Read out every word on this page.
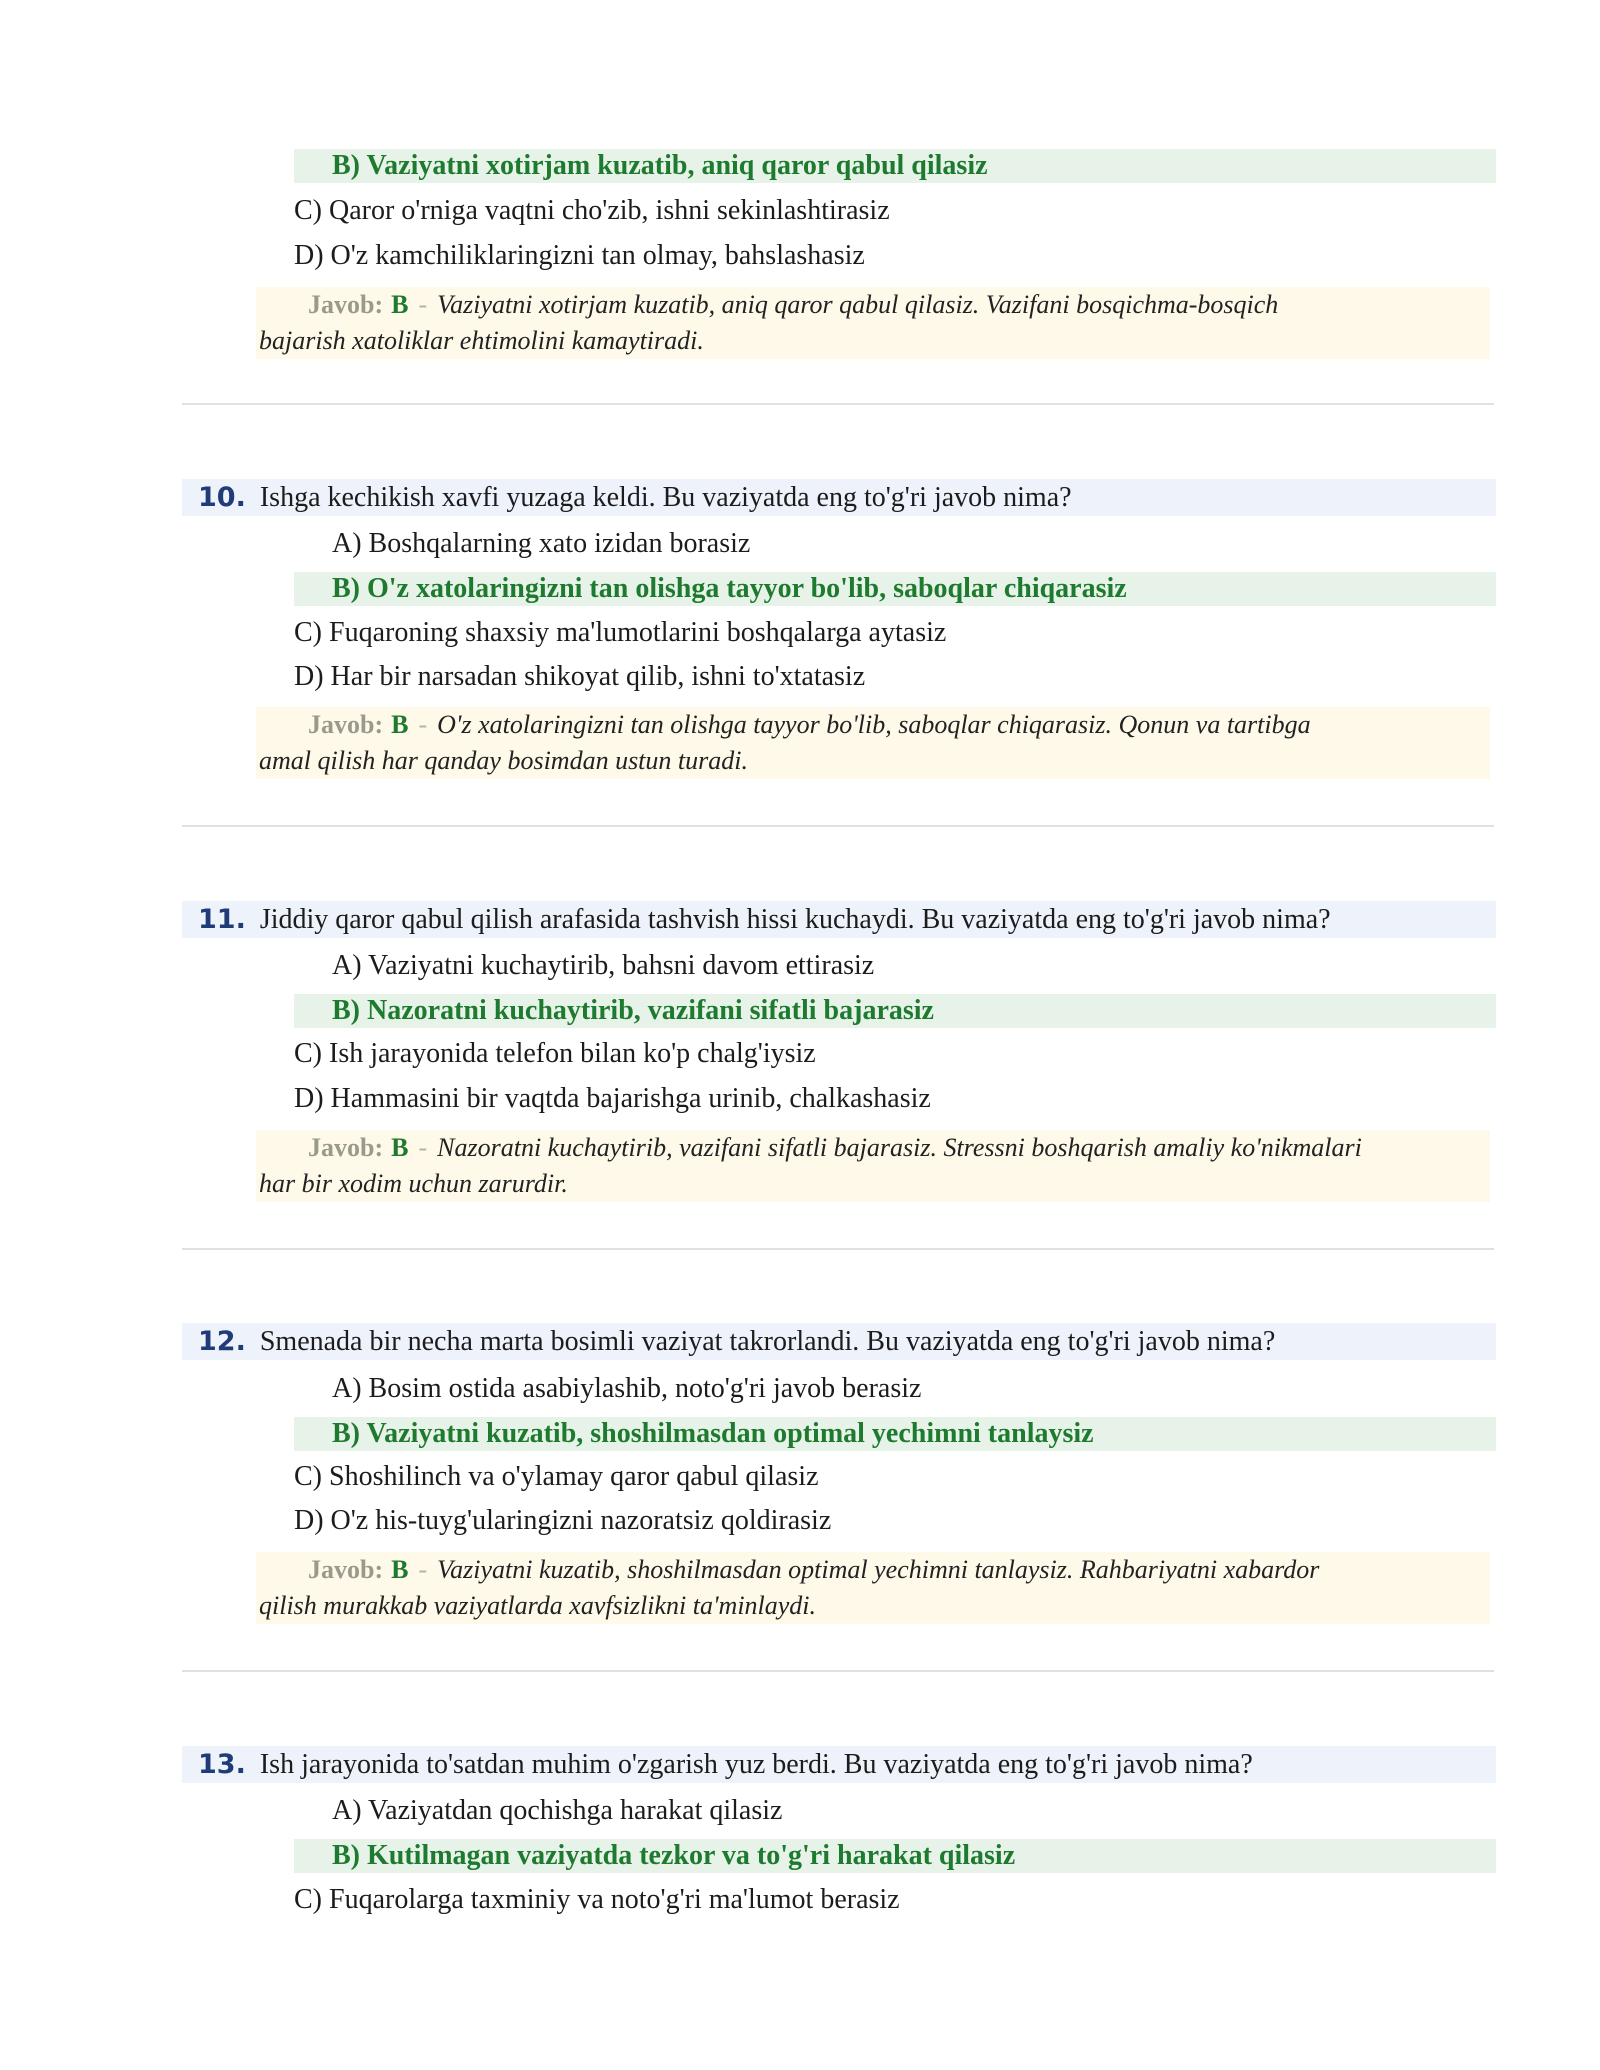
B) Vaziyatni xotirjam kuzatib, aniq qaror qabul qilasiz
C) Qaror o'rniga vaqtni cho'zib, ishni sekinlashtirasiz
D) O'z kamchiliklaringizni tan olmay, bahslashasiz
Javob: B - Vaziyatni xotirjam kuzatib, aniq qaror qabul qilasiz. Vazifani bosqichma-bosqich
bajarish xatoliklar ehtimolini kamaytiradi.
10. Ishga kechikish xavfi yuzaga keldi. Bu vaziyatda eng to'g'ri javob nima?
A) Boshqalarning xato izidan borasiz
B) O'z xatolaringizni tan olishga tayyor bo'lib, saboqlar chiqarasiz
C) Fuqaroning shaxsiy ma'lumotlarini boshqalarga aytasiz
D) Har bir narsadan shikoyat qilib, ishni to'xtatasiz
Javob: B - O'z xatolaringizni tan olishga tayyor bo'lib, saboqlar chiqarasiz. Qonun va tartibga
amal qilish har qanday bosimdan ustun turadi.
11. Jiddiy qaror qabul qilish arafasida tashvish hissi kuchaydi. Bu vaziyatda eng to'g'ri javob nima?
A) Vaziyatni kuchaytirib, bahsni davom ettirasiz
B) Nazoratni kuchaytirib, vazifani sifatli bajarasiz
C) Ish jarayonida telefon bilan ko'p chalg'iysiz
D) Hammasini bir vaqtda bajarishga urinib, chalkashasiz
Javob: B - Nazoratni kuchaytirib, vazifani sifatli bajarasiz. Stressni boshqarish amaliy ko'nikmalari
har bir xodim uchun zarurdir.
12. Smenada bir necha marta bosimli vaziyat takrorlandi. Bu vaziyatda eng to'g'ri javob nima?
A) Bosim ostida asabiylashib, noto'g'ri javob berasiz
B) Vaziyatni kuzatib, shoshilmasdan optimal yechimni tanlaysiz
C) Shoshilinch va o'ylamay qaror qabul qilasiz
D) O'z his-tuyg'ularingizni nazoratsiz qoldirasiz
Javob: B - Vaziyatni kuzatib, shoshilmasdan optimal yechimni tanlaysiz. Rahbariyatni xabardor
qilish murakkab vaziyatlarda xavfsizlikni ta'minlaydi.
13. Ish jarayonida to'satdan muhim o'zgarish yuz berdi. Bu vaziyatda eng to'g'ri javob nima?
A) Vaziyatdan qochishga harakat qilasiz
B) Kutilmagan vaziyatda tezkor va to'g'ri harakat qilasiz
C) Fuqarolarga taxminiy va noto'g'ri ma'lumot berasiz
